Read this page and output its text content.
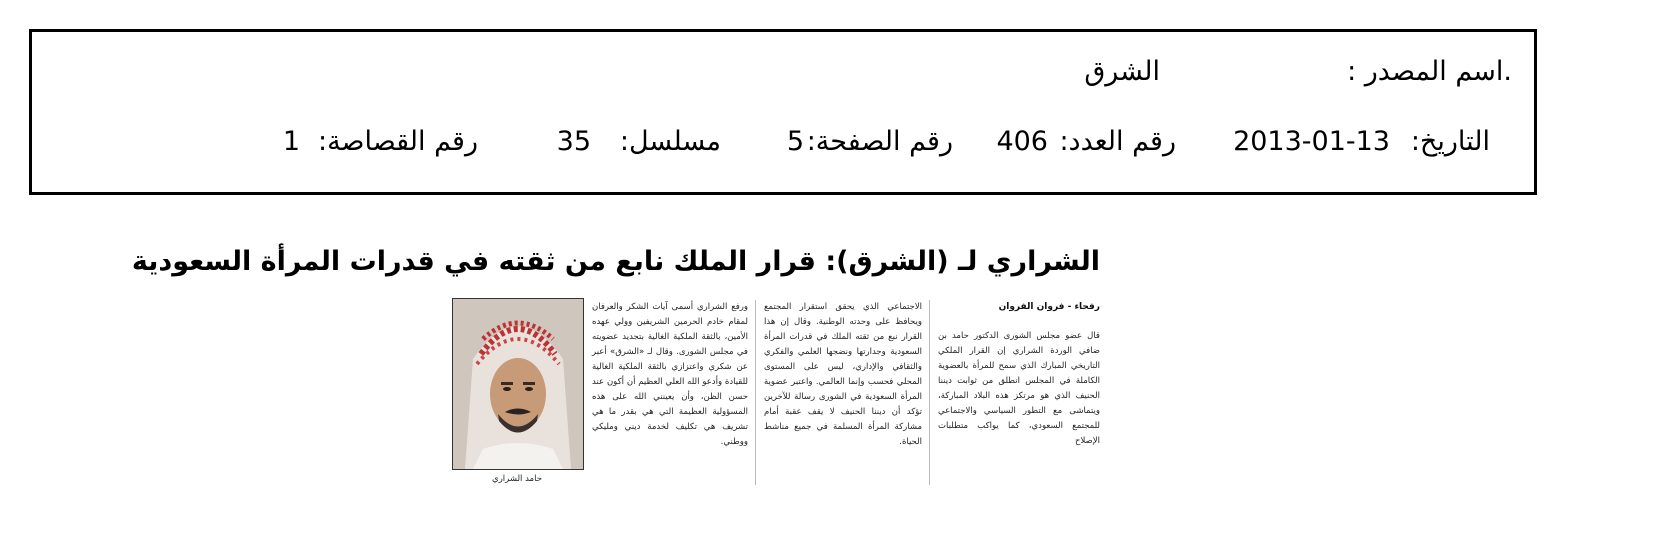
.اسم المصدر :
الشرق
التاريخ:
2013-01-13
رقم العدد:
406
رقم الصفحة:
5
مسلسل:
35
رقم القصاصة:
1
الشراري لـ (الشرق): قرار الملك نابع من ثقته في قدرات المرأة السعودية
رفحاء - فروان الفروان
قال عضو مجلس الشورى الدكتور حامد بن ضافي الوردة الشراري إن القرار الملكي التاريخي المبارك الذي سمح للمرأة بالعضوية الكاملة في المجلس انطلق من ثوابت ديننا الحنيف الذي هو مرتكز هذه البلاد المباركة، ويتماشى مع التطور السياسي والاجتماعي للمجتمع السعودي، كما يواكب متطلبات الإصلاح
الاجتماعي الذي يحقق استقرار المجتمع ويحافظ على وحدته الوطنية. وقال إن هذا القرار نبع من ثقته الملك في قدرات المرأة السعودية وجدارتها ونضجها العلمي والفكري والثقافي والإداري، ليس على المستوى المحلي فحسب وإنما العالمي. واعتبر عضوية المرأة السعودية في الشورى رسالة للآخرين تؤكد أن ديننا الحنيف لا يقف عقبة أمام مشاركة المرأة المسلمة في جميع مناشط الحياة.
ورفع الشراري أسمى آيات الشكر والعرفان لمقام خادم الحرمين الشريفين وولي عهده الأمين، بالثقة الملكية الغالية بتجديد عضويته في مجلس الشورى. وقال لـ «الشرق» أعبر عن شكري واعتزازي بالثقة الملكية الغالية للقيادة وأدعو الله العلي العظيم أن أكون عند حسن الظن، وأن يعينني الله على هذه المسؤولية العظيمة التي هي بقدر ما هي تشريف هي تكليف لخدمة ديني ومليكي ووطني.
حامد الشراري
